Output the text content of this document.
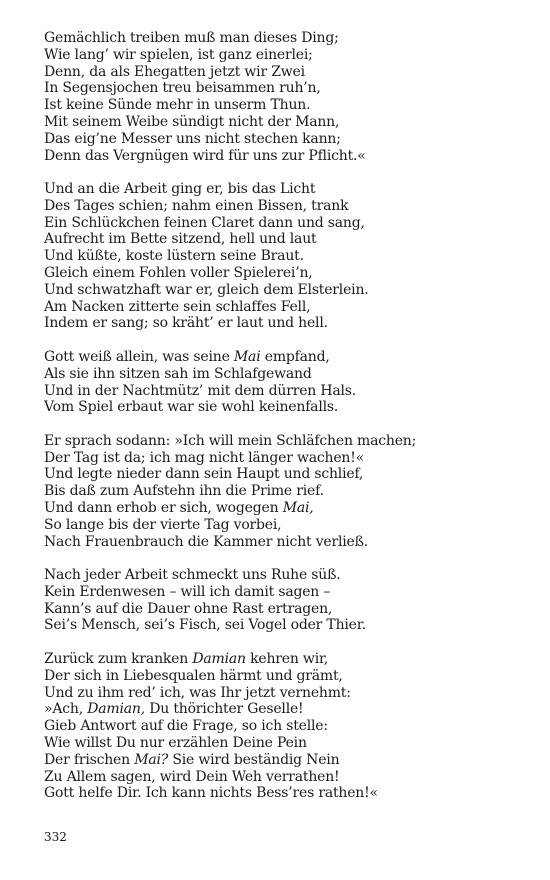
Gemächlich treiben muß man dieses Ding;
Wie lang’ wir spielen, ist ganz einerlei;
Denn, da als Ehegatten jetzt wir Zwei
In Segensjochen treu beisammen ruh’n,
Ist keine Sünde mehr in unserm Thun.
Mit seinem Weibe sündigt nicht der Mann,
Das eig’ne Messer uns nicht stechen kann;
Denn das Vergnügen wird für uns zur Pflicht.«
Und an die Arbeit ging er, bis das Licht
Des Tages schien; nahm einen Bissen, trank
Ein Schlückchen feinen Claret dann und sang,
Aufrecht im Bette sitzend, hell und laut
Und küßte, koste lüstern seine Braut.
Gleich einem Fohlen voller Spielerei’n,
Und schwatzhaft war er, gleich dem Elsterlein.
Am Nacken zitterte sein schlaffes Fell,
Indem er sang; so kräht’ er laut und hell.
Gott weiß allein, was seine Mai empfand,
Als sie ihn sitzen sah im Schlafgewand
Und in der Nachtmütz’ mit dem dürren Hals.
Vom Spiel erbaut war sie wohl keinenfalls.
Er sprach sodann: »Ich will mein Schläfchen machen;
Der Tag ist da; ich mag nicht länger wachen!«
Und legte nieder dann sein Haupt und schlief,
Bis daß zum Aufstehn ihn die Prime rief.
Und dann erhob er sich, wogegen Mai,
So lange bis der vierte Tag vorbei,
Nach Frauenbrauch die Kammer nicht verließ.
Nach jeder Arbeit schmeckt uns Ruhe süß.
Kein Erdenwesen – will ich damit sagen –
Kann’s auf die Dauer ohne Rast ertragen,
Sei’s Mensch, sei’s Fisch, sei Vogel oder Thier.
Zurück zum kranken Damian kehren wir,
Der sich in Liebesqualen härmt und grämt,
Und zu ihm red’ ich, was Ihr jetzt vernehmt:
»Ach, Damian, Du thörichter Geselle!
Gieb Antwort auf die Frage, so ich stelle:
Wie willst Du nur erzählen Deine Pein
Der frischen Mai? Sie wird beständig Nein
Zu Allem sagen, wird Dein Weh verrathen!
Gott helfe Dir. Ich kann nichts Bess’res rathen!«
332
